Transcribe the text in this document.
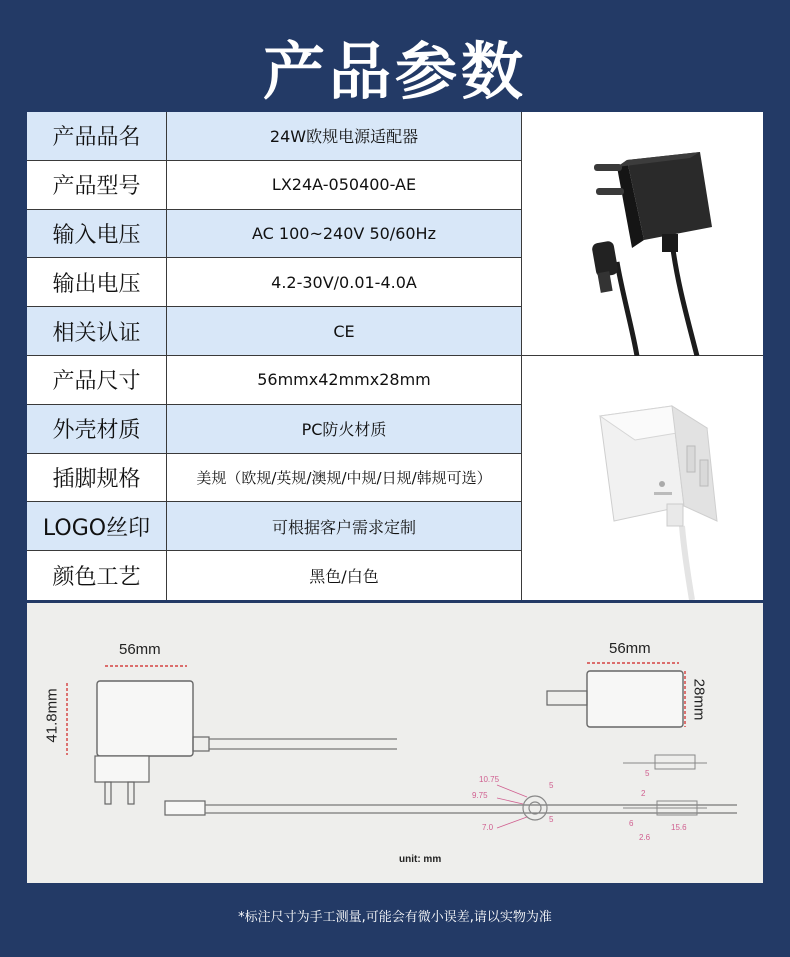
产品参数
产品品名	24W欧规电源适配器
产品型号	LX24A-050400-AE
输入电压	AC 100~240V 50/60Hz
输出电压	4.2-30V/0.01-4.0A
相关认证	CE
产品尺寸	56mmx42mmx28mm
外壳材质	PC防火材质
插脚规格	美规（欧规/英规/澳规/中规/日规/韩规可选）
LOGO丝印	可根据客户需求定制
颜色工艺	黑色/白色
56mm
41.8mm
56mm
28mm
10.75
9.75
7.0
5
5
5
2
6
2.6
15.6
unit: mm
*标注尺寸为手工测量,可能会有微小误差,请以实物为准
